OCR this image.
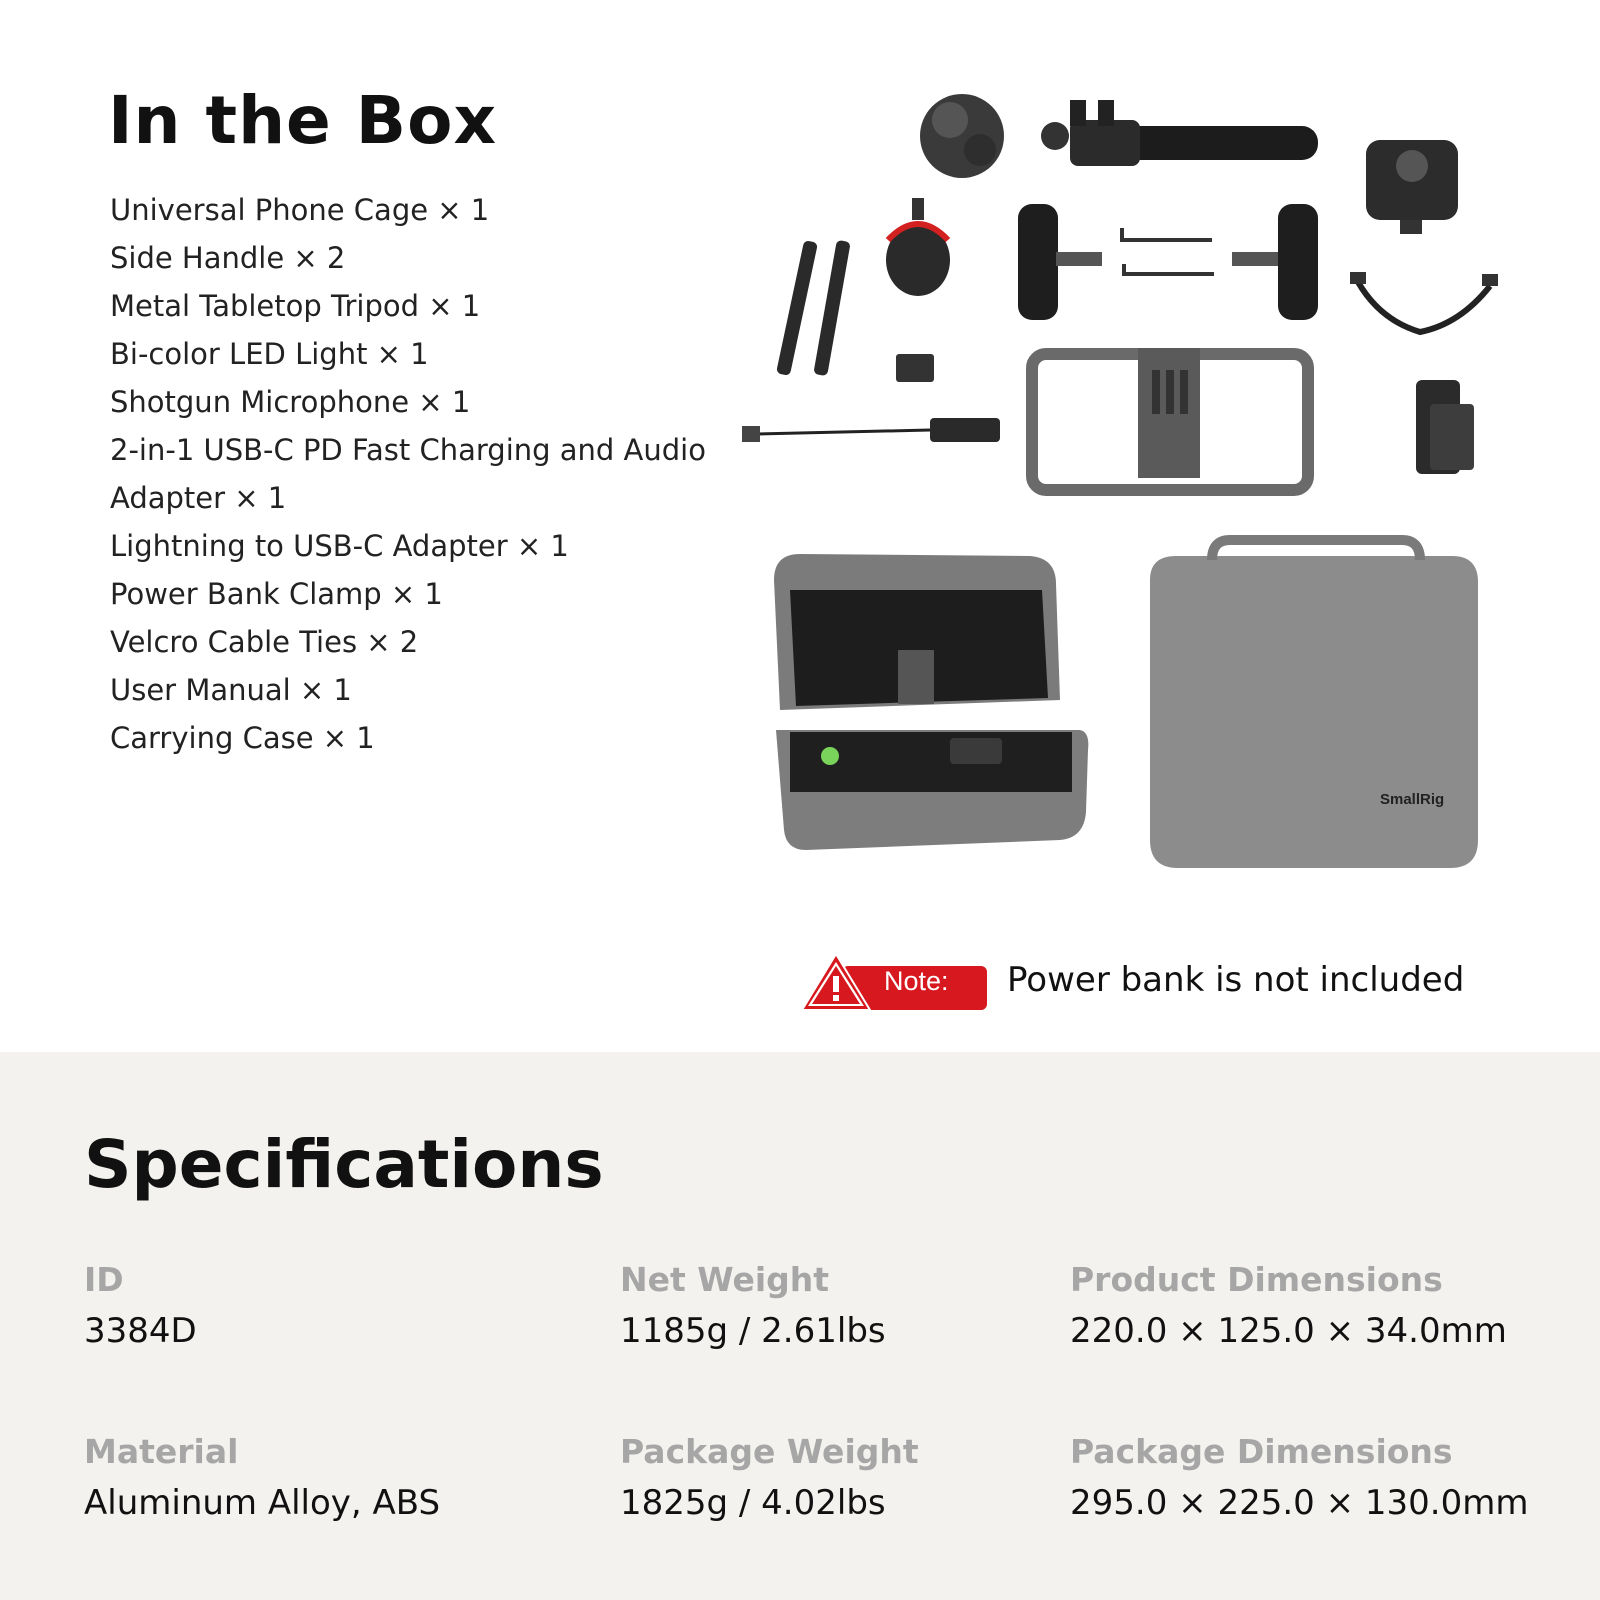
In the Box
Universal Phone Cage × 1
Side Handle × 2
Metal Tabletop Tripod × 1
Bi-color LED Light × 1
Shotgun Microphone × 1
2-in-1 USB-C PD Fast Charging and Audio
Adapter × 1
Lightning to USB-C Adapter × 1
Power Bank Clamp × 1
Velcro Cable Ties × 2
User Manual × 1
Carrying Case × 1
SmallRig
Note: Power bank is not included
Specifications
ID
3384D
Net Weight
1185g / 2.61lbs
Product Dimensions
220.0 × 125.0 × 34.0mm
Material
Aluminum Alloy, ABS
Package Weight
1825g / 4.02lbs
Package Dimensions
295.0 × 225.0 × 130.0mm
